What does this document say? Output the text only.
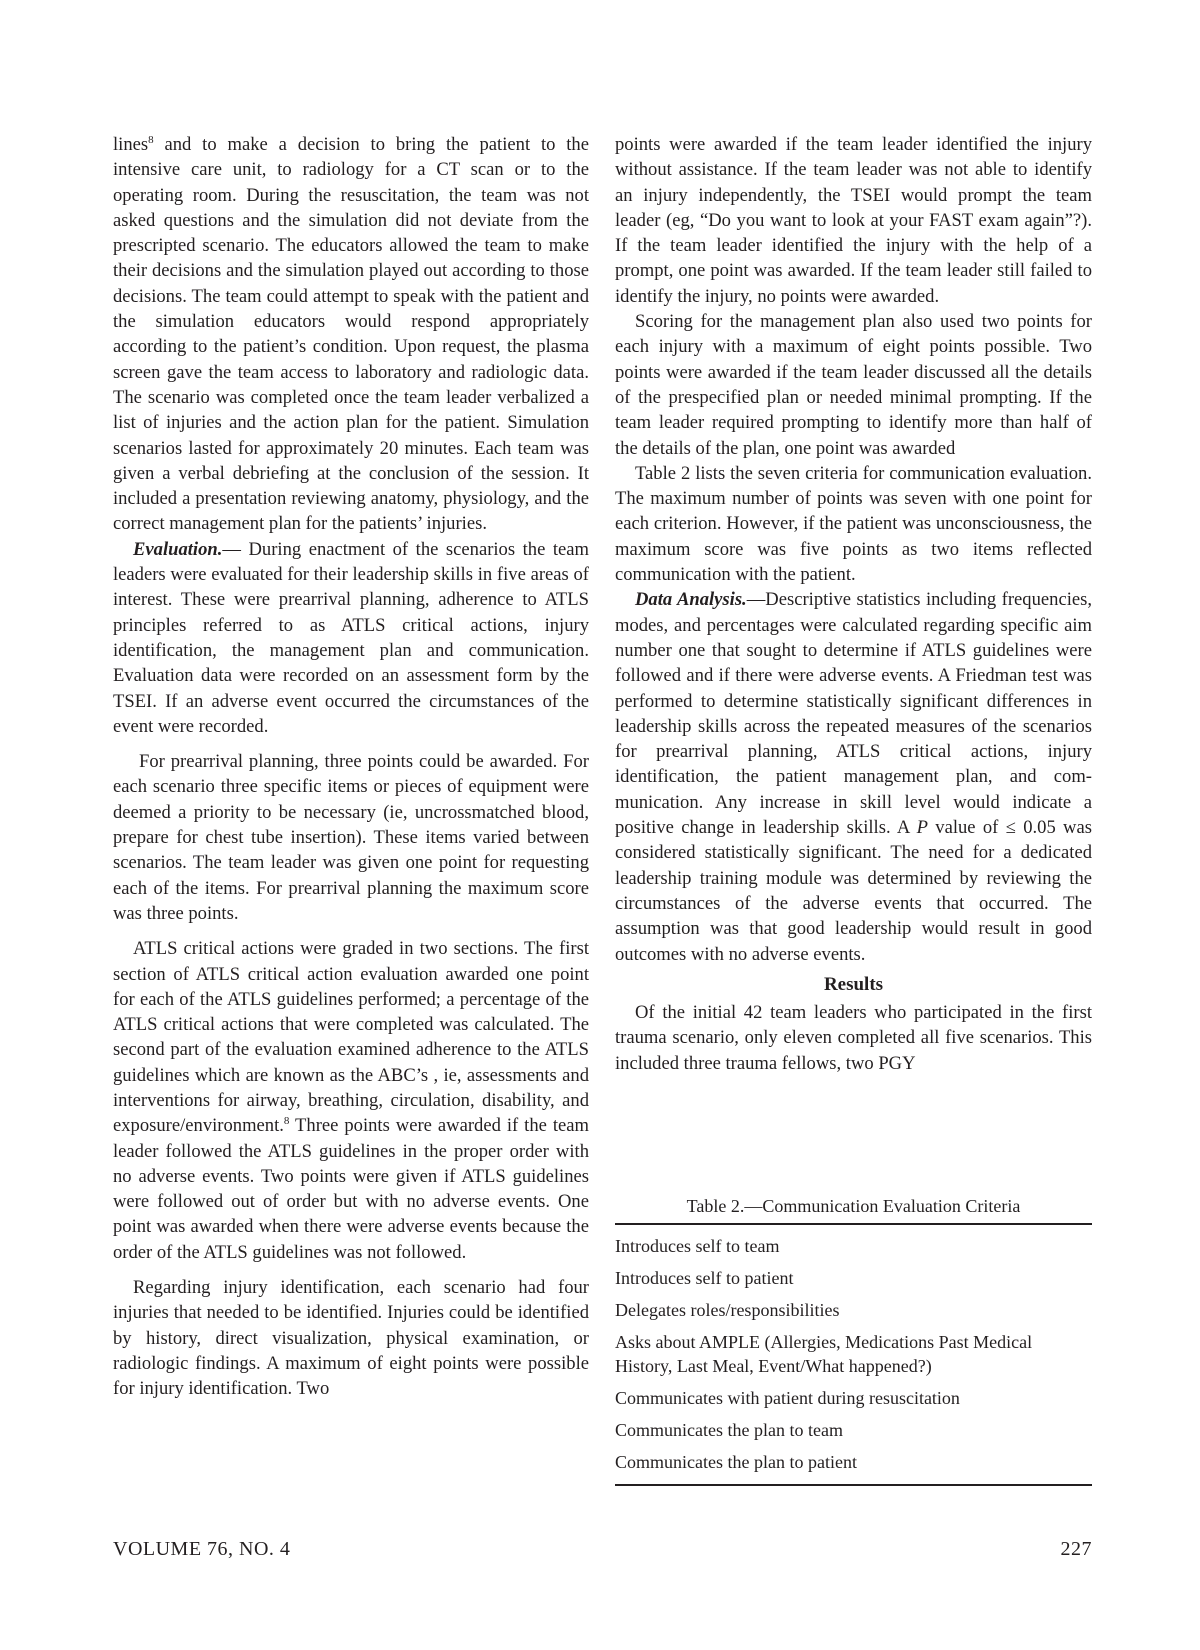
lines$^8$ and to make a decision to bring the patient to the intensive care unit, to radiology for a CT scan or to the operating room. During the resuscitation, the team was not asked questions and the simulation did not deviate from the prescripted scenario. The educators allowed the team to make their decisions and the simulation played out according to those decisions. The team could attempt to speak with the patient and the simulation educators would respond appropriately according to the patient’s condition. Upon request, the plasma screen gave the team access to laboratory and radiologic data. The scenario was completed once the team leader verbalized a list of injuries and the action plan for the patient. Simulation scenarios lasted for approximately 20 minutes. Each team was given a verbal debriefing at the conclusion of the session. It included a presentation reviewing anatomy, physiology, and the correct management plan for the patients’ injuries.

Evaluation.— During enactment of the scenarios the team leaders were evaluated for their leadership skills in five areas of interest. These were prearrival planning, adherence to ATLS principles referred to as ATLS critical actions, injury identification, the management plan and communication. Evaluation data were recorded on an assessment form by the TSEI. If an adverse event occurred the circumstances of the event were recorded.

For prearrival planning, three points could be awarded. For each scenario three specific items or pieces of equipment were deemed a priority to be necessary (ie, uncrossmatched blood, prepare for chest tube insertion). These items varied between scenarios. The team leader was given one point for requesting each of the items. For prearrival planning the maximum score was three points.

ATLS critical actions were graded in two sections. The first section of ATLS critical action evaluation awarded one point for each of the ATLS guidelines performed; a percentage of the ATLS critical actions that were completed was calculated. The second part of the evaluation examined adherence to the ATLS guidelines which are known as the ABC’s , ie, assessments and interventions for airway, breathing, circulation, disability, and exposure/environment.$^8$ Three points were awarded if the team leader followed the ATLS guidelines in the proper order with no adverse events. Two points were given if ATLS guidelines were followed out of order but with no adverse events. One point was awarded when there were adverse events because the order of the ATLS guidelines was not followed.

Regarding injury identification, each scenario had four injuries that needed to be identified. Injuries could be identified by history, direct visualization, physical examination, or radiologic findings. A maximum of eight points were possible for injury identification. Two

points were awarded if the team leader identified the injury without assistance. If the team leader was not able to identify an injury independently, the TSEI would prompt the team leader (eg, “Do you want to look at your FAST exam again”?). If the team leader identified the injury with the help of a prompt, one point was awarded. If the team leader still failed to identify the injury, no points were awarded.

Scoring for the management plan also used two points for each injury with a maximum of eight points possible. Two points were awarded if the team leader discussed all the details of the prespecified plan or needed minimal prompting. If the team leader required prompting to identify more than half of the details of the plan, one point was awarded

Table 2 lists the seven criteria for communication evaluation. The maximum number of points was seven with one point for each criterion. However, if the patient was unconsciousness, the maximum score was five points as two items reflected communication with the patient.

Data Analysis.—Descriptive statistics including frequencies, modes, and percentages were calculated regarding specific aim number one that sought to determine if ATLS guidelines were followed and if there were adverse events. A Friedman test was performed to determine statistically significant differences in leadership skills across the repeated measures of the scenarios for prearrival planning, ATLS critical actions, injury identification, the patient management plan, and communication. Any increase in skill level would indicate a positive change in leadership skills. A P value of ≤ 0.05 was considered statistically significant. The need for a dedicated leadership training module was determined by reviewing the circumstances of the adverse events that occurred. The assumption was that good leadership would result in good outcomes with no adverse events.

Results

Of the initial 42 team leaders who participated in the first trauma scenario, only eleven completed all five scenarios. This included three trauma fellows, two PGY

Table 2.—Communication Evaluation Criteria
Introduces self to team
Introduces self to patient
Delegates roles/responsibilities
Asks about AMPLE (Allergies, Medications Past Medical History, Last Meal, Event/What happened?)
Communicates with patient during resuscitation
Communicates the plan to team
Communicates the plan to patient
VOLUME 76, NO. 4	227
